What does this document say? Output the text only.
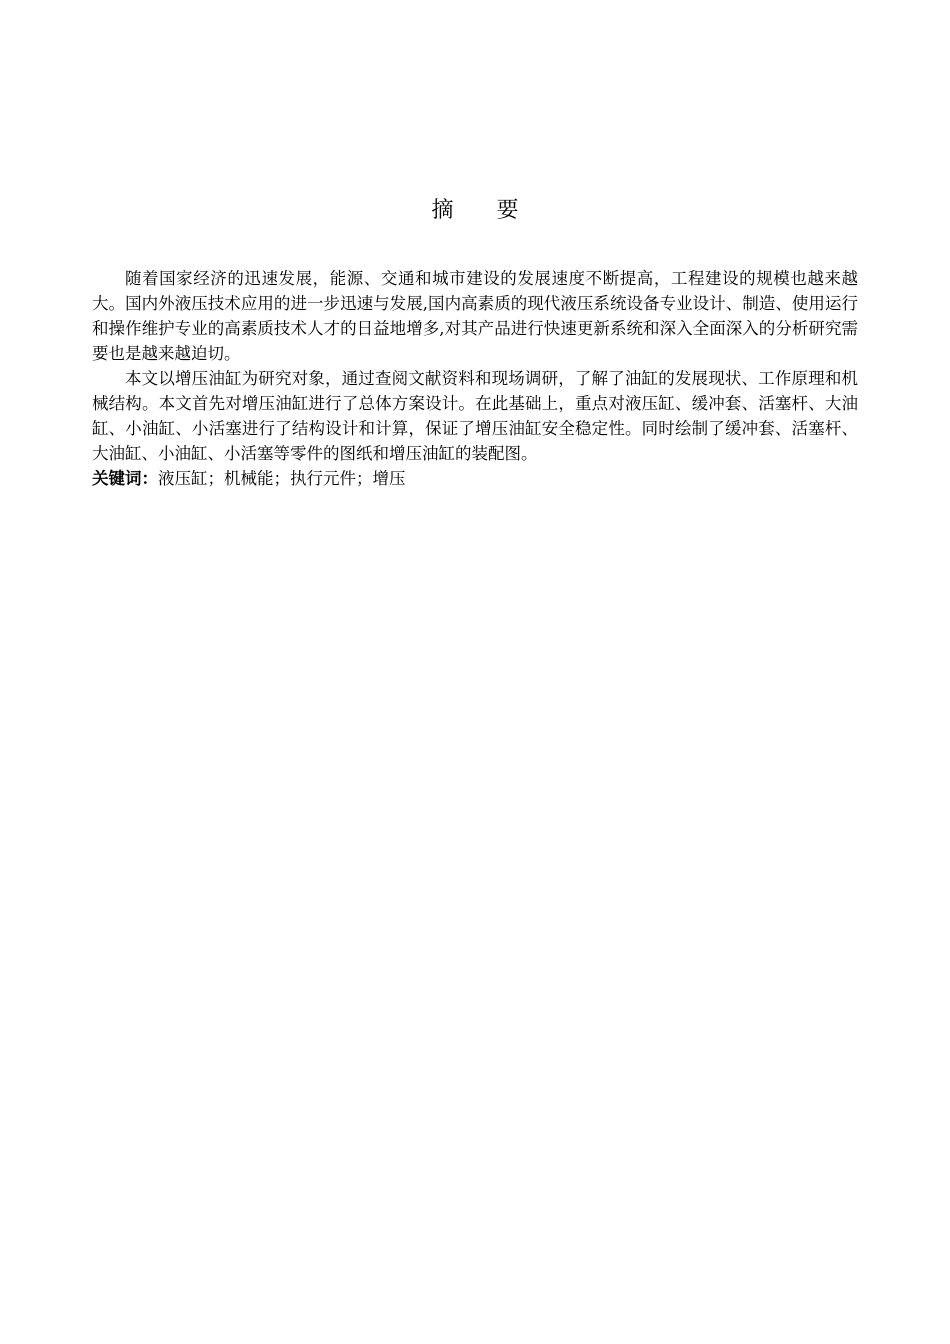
摘 要

随着国家经济的迅速发展，能源、交通和城市建设的发展速度不断提高，工程建设的规模也越来越大。国内外液压技术应用的进一步迅速与发展,国内高素质的现代液压系统设备专业设计、制造、使用运行和操作维护专业的高素质技术人才的日益地增多,对其产品进行快速更新系统和深入全面深入的分析研究需要也是越来越迫切。

本文以增压油缸为研究对象，通过查阅文献资料和现场调研，了解了油缸的发展现状、工作原理和机械结构。本文首先对增压油缸进行了总体方案设计。在此基础上，重点对液压缸、缓冲套、活塞杆、大油缸、小油缸、小活塞进行了结构设计和计算，保证了增压油缸安全稳定性。同时绘制了缓冲套、活塞杆、大油缸、小油缸、小活塞等零件的图纸和增压油缸的装配图。

关键词：液压缸；机械能；执行元件；增压
